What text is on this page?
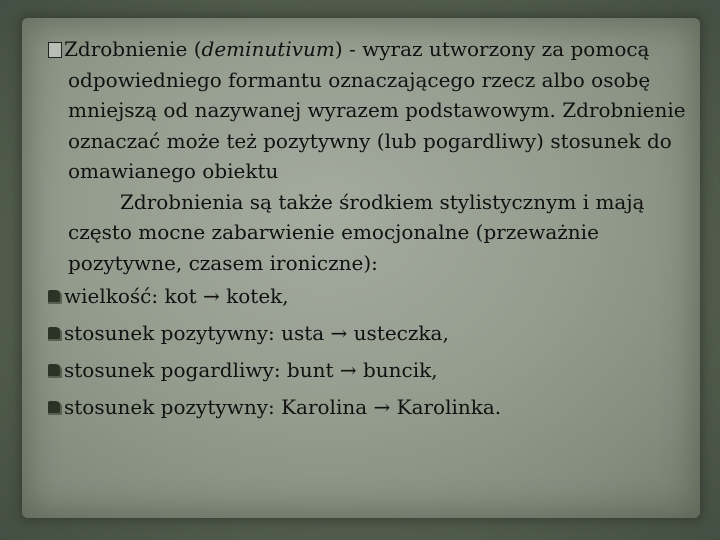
Zdrobnienie (deminutivum) - wyraz utworzony za pomocą odpowiedniego formantu oznaczającego rzecz albo osobę mniejszą od nazywanej wyrazem podstawowym. Zdrobnienie oznaczać może też pozytywny (lub pogardliwy) stosunek do omawianego obiektu

Zdrobnienia są także środkiem stylistycznym i mają często mocne zabarwienie emocjonalne (przeważnie pozytywne, czasem ironiczne):

wielkość: kot → kotek,
stosunek pozytywny: usta → usteczka,
stosunek pogardliwy: bunt → buncik,
stosunek pozytywny: Karolina → Karolinka.
